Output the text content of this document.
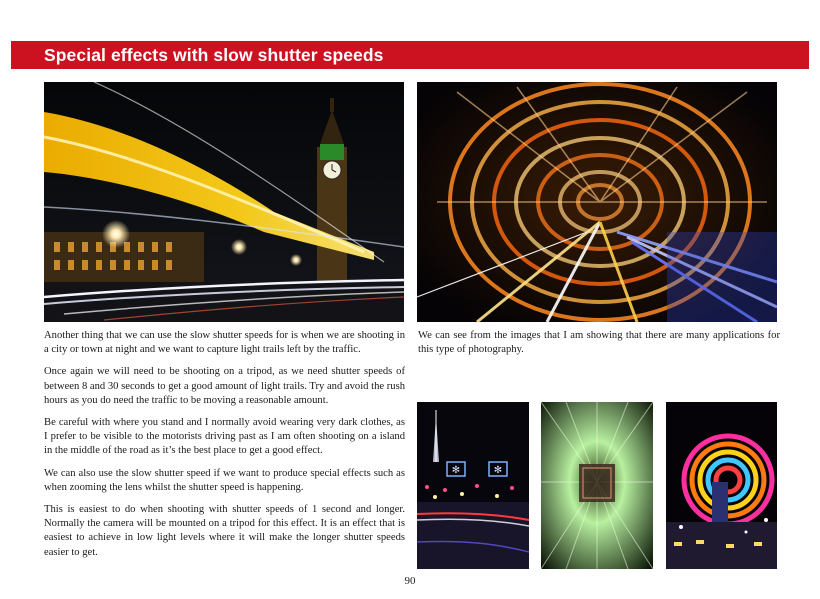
Special effects with slow shutter speeds
✻	✻

Another thing that we can use the slow shutter speeds for is when we are shooting in a city or town at night and we want to capture light trails left by the traffic.

Once again we will need to be shooting on a tripod, as we need shutter speeds of between 8 and 30 seconds to get a good amount of light trails. Try and avoid the rush hours as you do need the traffic to be moving a reasonable amount.

Be careful with where you stand and I normally avoid wearing very dark clothes, as I prefer to be visible to the motorists driving past as I am often shooting on a island in the middle of the road as it’s the best place to get a good effect.

We can also use the slow shutter speed if we want to produce special effects such as when zooming the lens whilst the shutter speed is happening.

This is easiest to do when shooting with shutter speeds of 1 second and longer. Normally the camera will be mounted on a tripod for this effect. It is an effect that is easiest to achieve in low light levels where it will make the longer shutter speeds easier to get.

We can see from the images that I am showing that there are many applications for this type of photography.

90
